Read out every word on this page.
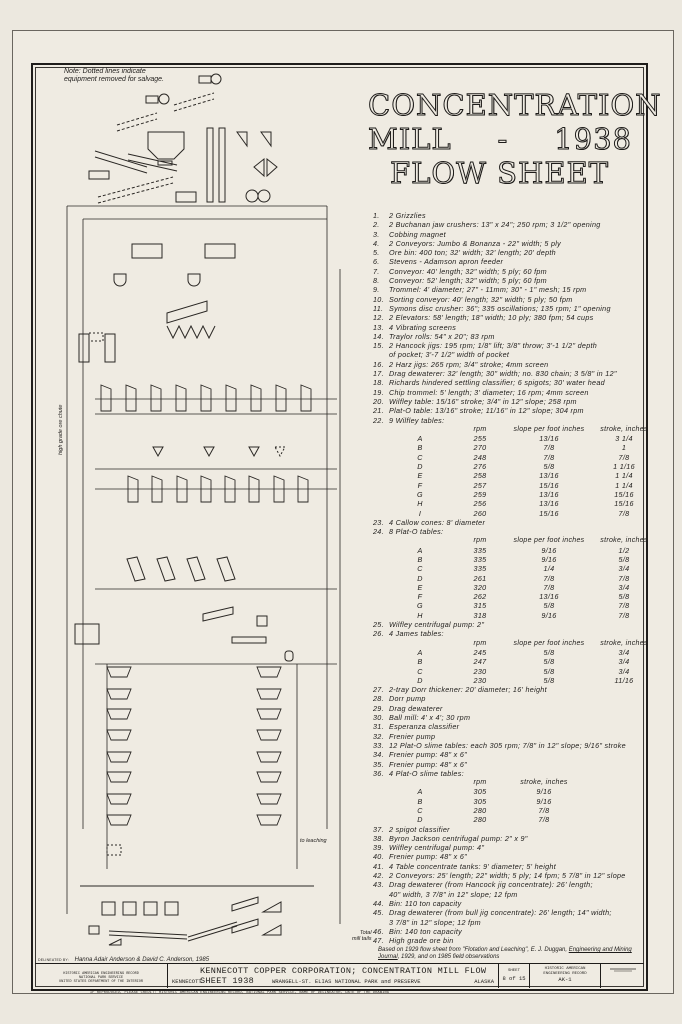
CONCENTRATION
MILL - 1938
FLOW SHEET
Note: Dotted lines indicate
equipment removed for salvage.
high grade ore chute
to leaching
Total
mill tails
1.	2 Grizzlies
2.	2 Buchanan jaw crushers: 13" x 24"; 250 rpm; 3 1/2" opening
3.	Cobbing magnet
4.	2 Conveyors: Jumbo & Bonanza - 22" width; 5 ply
5.	Ore bin: 400 ton; 32' width; 32' length; 20' depth
6.	Stevens - Adamson apron feeder
7.	Conveyor: 40' length; 32" width; 5 ply; 60 fpm
8.	Conveyor: 52' length; 32" width; 5 ply; 60 fpm
9.	Trommel: 4' diameter; 27" - 11mm; 30" - 1" mesh; 15 rpm
10. Sorting conveyor: 40' length; 32" width; 5 ply; 50 fpm
11. Symons disc crusher: 36"; 335 oscillations; 135 rpm; 1" opening
12. 2 Elevators: 58' length; 18" width; 10 ply; 380 fpm; 54 cups
13. 4 Vibrating screens
14. Traylor rolls: 54" x 20"; 83 rpm
15. 2 Hancock jigs: 195 rpm; 1/8" lift; 3/8" throw; 3'-1 1/2" depth
of pocket; 3'-7 1/2" width of pocket
16. 2 Harz jigs: 265 rpm; 3/4" stroke; 4mm screen
17. Drag dewaterer: 32' length; 30" width; no. 830 chain; 3 5/8" in 12"
18. Richards hindered settling classifier; 6 spigots; 30' water head
19. Chip trommel: 5' length; 3' diameter; 16 rpm; 4mm screen
20. Wilfley table: 15/16" stroke; 3/4" in 12" slope; 258 rpm
21. Plat-O table: 13/16" stroke; 11/16" in 12" slope; 304 rpm
22. 9 Wilfley tables:
rpm	slope per foot inches	stroke, inches
A	255	13/16	3 1/4
B	270	7/8	1
C	248	7/8	7/8
D	276	5/8	1 1/16
E	258	13/16	1 1/4
F	257	15/16	1 1/4
G	259	13/16	15/16
H	256	13/16	15/16
I	260	15/16	7/8
23. 4 Callow cones: 8' diameter
24. 8 Plat-O tables:
rpm	slope per foot inches	stroke, inches
A	335	9/16	1/2
B	335	9/16	5/8
C	335	1/4	3/4
D	261	7/8	7/8
E	320	7/8	3/4
F	262	13/16	5/8
G	315	5/8	7/8
H	318	9/16	7/8
25. Wilfley centrifugal pump: 2"
26. 4 James tables:
rpm	slope per foot inches	stroke, inches
A	245	5/8	3/4
B	247	5/8	3/4
C	230	5/8	3/4
D	230	5/8	11/16
27. 2-tray Dorr thickener: 20' diameter; 16' height
28. Dorr pump
29. Drag dewaterer
30. Ball mill: 4' x 4'; 30 rpm
31. Esperanza classifier
32. Frenier pump
33. 12 Plat-O slime tables: each 305 rpm; 7/8" in 12" slope; 9/16" stroke
34. Frenier pump: 48" x 6"
35. Frenier pump: 48" x 6"
36. 4 Plat-O slime tables:
rpm	stroke, inches
A	305	9/16
B	305	9/16
C	280	7/8
D	280	7/8
37. 2 spigot classifier
38. Byron Jackson centrifugal pump: 2" x 9"
39. Wilfley centrifugal pump: 4"
40. Frenier pump: 48" x 6"
41. 4 Table concentrate tanks: 9' diameter; 5' height
42. 2 Conveyors: 25' length; 22" width; 5 ply; 14 fpm; 5 7/8" in 12" slope
43. Drag dewaterer (from Hancock jig concentrate): 26' length;
40" width, 3 7/8" in 12" slope; 12 fpm
44. Bin: 110 ton capacity
45. Drag dewaterer (from bull jig concentrate): 26' length; 14" width;
3 7/8" in 12" slope; 12 fpm
46. Bin: 140 ton capacity
47. High grade ore bin
Based on 1929 flow sheet from "Flotation and Leaching", E. J. Duggan, Engineering and Mining Journal, 1929, and on 1985 field observations
DELINEATED BY: Hanna Adair Anderson & David C. Anderson, 1985
HISTORIC AMERICAN ENGINEERING RECORD
NATIONAL PARK SERVICE
UNITED STATES DEPARTMENT OF THE INTERIOR
KENNECOTT COPPER CORPORATION; CONCENTRATION MILL FLOW SHEET 1938
KENNECOTT	WRANGELL-ST. ELIAS NATIONAL PARK and PRESERVE	ALASKA
SHEET
8 of 15
HISTORIC AMERICAN
ENGINEERING RECORD
AK-1
IF REPRODUCED, PLEASE CREDIT: HISTORIC AMERICAN ENGINEERING RECORD, NATIONAL PARK SERVICE, NAME OF DELINEATOR, DATE OF THE DRAWING
